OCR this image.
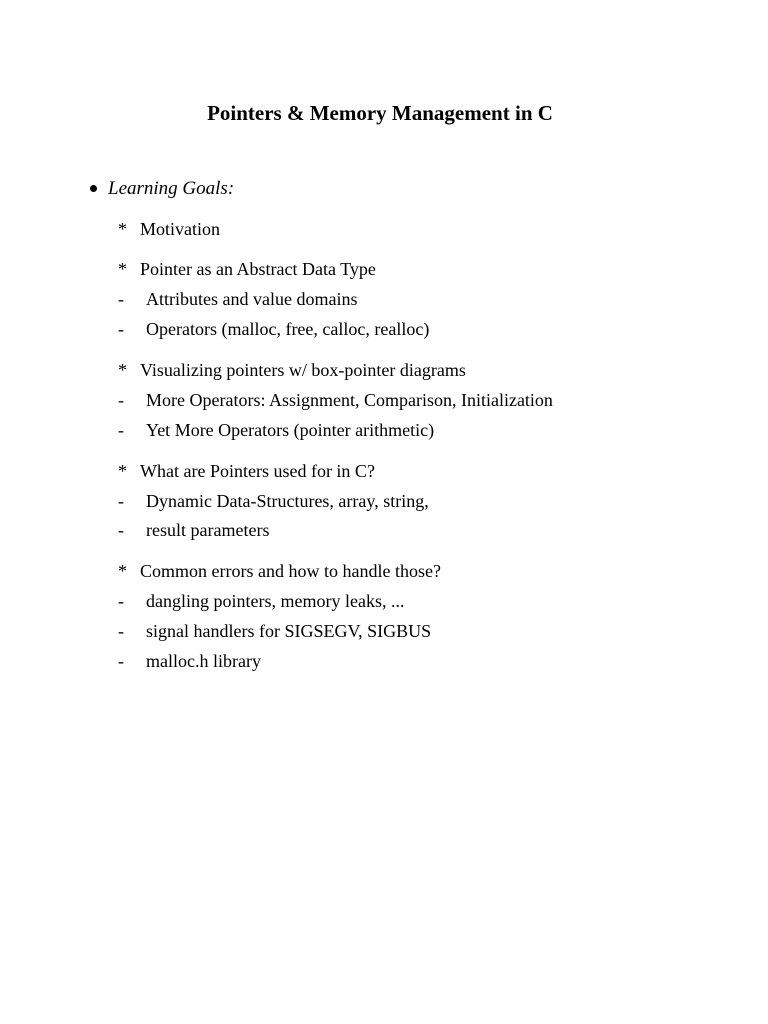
Pointers & Memory Management in C
Learning Goals:
* Motivation
* Pointer as an Abstract Data Type
- Attributes and value domains
- Operators (malloc, free, calloc, realloc)
* Visualizing pointers w/ box-pointer diagrams
- More Operators: Assignment, Comparison, Initialization
- Yet More Operators (pointer arithmetic)
* What are Pointers used for in C?
- Dynamic Data-Structures, array, string,
- result parameters
* Common errors and how to handle those?
- dangling pointers, memory leaks, ...
- signal handlers for SIGSEGV, SIGBUS
- malloc.h library
